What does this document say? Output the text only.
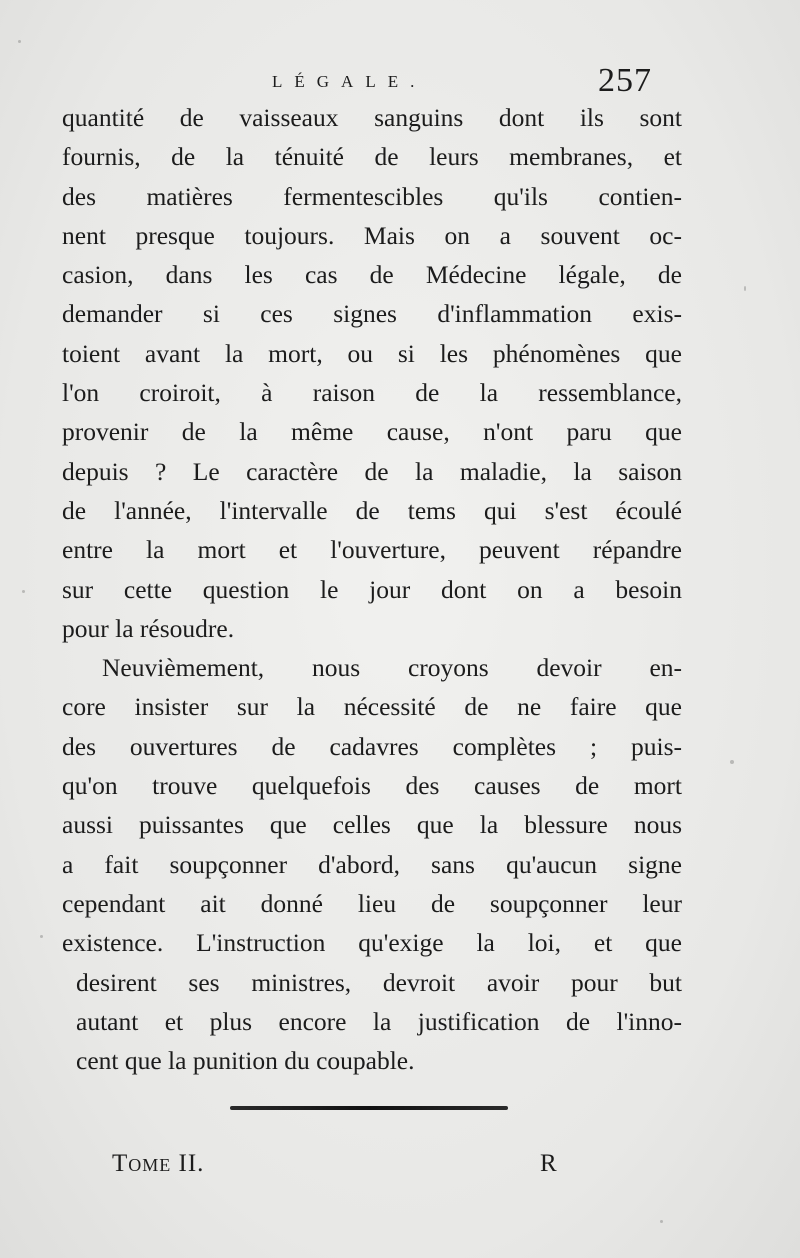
LÉGALE.	257
quantité de vaisseaux sanguins dont ils sont
fournis, de la ténuité de leurs membranes, et
des matières fermentescibles qu'ils contien-
nent presque toujours. Mais on a souvent oc-
casion, dans les cas de Médecine légale, de
demander si ces signes d'inflammation exis-
toient avant la mort, ou si les phénomènes que
l'on croiroit, à raison de la ressemblance,
provenir de la même cause, n'ont paru que
depuis ? Le caractère de la maladie, la saison
de l'année, l'intervalle de tems qui s'est écoulé
entre la mort et l'ouverture, peuvent répandre
sur cette question le jour dont on a besoin
pour la résoudre.
Neuvièmement, nous croyons devoir en-
core insister sur la nécessité de ne faire que
des ouvertures de cadavres complètes ; puis-
qu'on trouve quelquefois des causes de mort
aussi puissantes que celles que la blessure nous
a fait soupçonner d'abord, sans qu'aucun signe
cependant ait donné lieu de soupçonner leur
existence. L'instruction qu'exige la loi, et que
desirent ses ministres, devroit avoir pour but
autant et plus encore la justification de l'inno-
cent que la punition du coupable.
Tome II.	R
